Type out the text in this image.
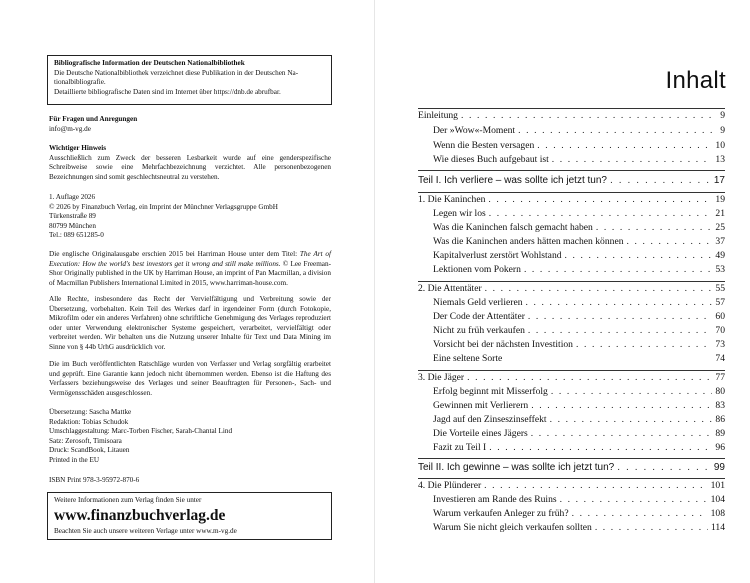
Bibliografische Information der Deutschen Nationalbibliothek
Die Deutsche Nationalbibliothek verzeichnet diese Publikation in der Deutschen Na-
tionalbibliografie.
Detaillierte bibliografische Daten sind im Internet über https://dnb.de abrufbar.
Für Fragen und Anregungen
info@m-vg.de
Wichtiger Hinweis

Ausschließlich zum Zweck der besseren Lesbarkeit wurde auf eine genderspezifische Schreibweise sowie eine Mehrfachbezeichnung verzichtet. Alle personenbezogenen Bezeichnungen sind somit geschlechtsneutral zu verstehen.

1. Auflage 2026
© 2026 by Finanzbuch Verlag, ein Imprint der Münchner Verlagsgruppe GmbH
Türkenstraße 89
80799 München
Tel.: 089 651285-0

Die englische Originalausgabe erschien 2015 bei Harriman House unter dem Titel: The Art of Execution: How the world's best investors get it wrong and still make millions. © Lee Freeman-Shor Originally published in the UK by Harriman House, an imprint of Pan Macmillan, a division of Macmillan Publishers International Limited in 2015, www.harriman-house.com.

Alle Rechte, insbesondere das Recht der Vervielfältigung und Verbreitung sowie der Übersetzung, vorbehalten. Kein Teil des Werkes darf in irgendeiner Form (durch Fotokopie, Mikrofilm oder ein anderes Verfahren) ohne schriftliche Genehmigung des Verlages reproduziert oder unter Verwendung elektronischer Systeme gespeichert, verarbeitet, vervielfältigt oder verbreitet werden. Wir behalten uns die Nutzung unserer Inhalte für Text und Data Mining im Sinne von § 44b UrhG ausdrücklich vor.

Die im Buch veröffentlichten Ratschläge wurden von Verfasser und Verlag sorgfältig erarbeitet und geprüft. Eine Garantie kann jedoch nicht übernommen werden. Ebenso ist die Haftung des Verfassers beziehungsweise des Verlages und seiner Beauftragten für Personen-, Sach- und Vermögensschäden ausgeschlossen.

Übersetzung: Sascha Mattke
Redaktion: Tobias Schudok
Umschlaggestaltung: Marc-Torben Fischer, Sarah-Chantal Lind
Satz: Zerosoft, Timisoara
Druck: ScandBook, Litauen
Printed in the EU
ISBN Print 978-3-95972-870-6
Weitere Informationen zum Verlag finden Sie unter
www.finanzbuchverlag.de
Beachten Sie auch unsere weiteren Verlage unter www.m-vg.de
Inhalt
Einleitung . . .	9
Der »Wow«-Moment . . .	9
Wenn die Besten versagen . . .	10
Wie dieses Buch aufgebaut ist . . .	13
Teil I. Ich verliere – was sollte ich jetzt tun? . . .	17
1. Die Kaninchen . . .	19
Legen wir los . . .	21
Was die Kaninchen falsch gemacht haben . . .	25
Was die Kaninchen anders hätten machen können . . .	37
Kapitalverlust zerstört Wohlstand . . .	49
Lektionen vom Pokern . . .	53
2. Die Attentäter . . .	55
Niemals Geld verlieren . . .	57
Der Code der Attentäter . . .	60
Nicht zu früh verkaufen . . .	70
Vorsicht bei der nächsten Investition . . .	73
Eine seltene Sorte	74
3. Die Jäger . . .	77
Erfolg beginnt mit Misserfolg . . .	80
Gewinnen mit Verlierern . . .	83
Jagd auf den Zinseszinseffekt . . .	86
Die Vorteile eines Jägers . . .	89
Fazit zu Teil I . . .	96
Teil II. Ich gewinne – was sollte ich jetzt tun? . . .	99
4. Die Plünderer . . .	101
Investieren am Rande des Ruins . . .	104
Warum verkaufen Anleger zu früh? . . .	108
Warum Sie nicht gleich verkaufen sollten . . .	114
